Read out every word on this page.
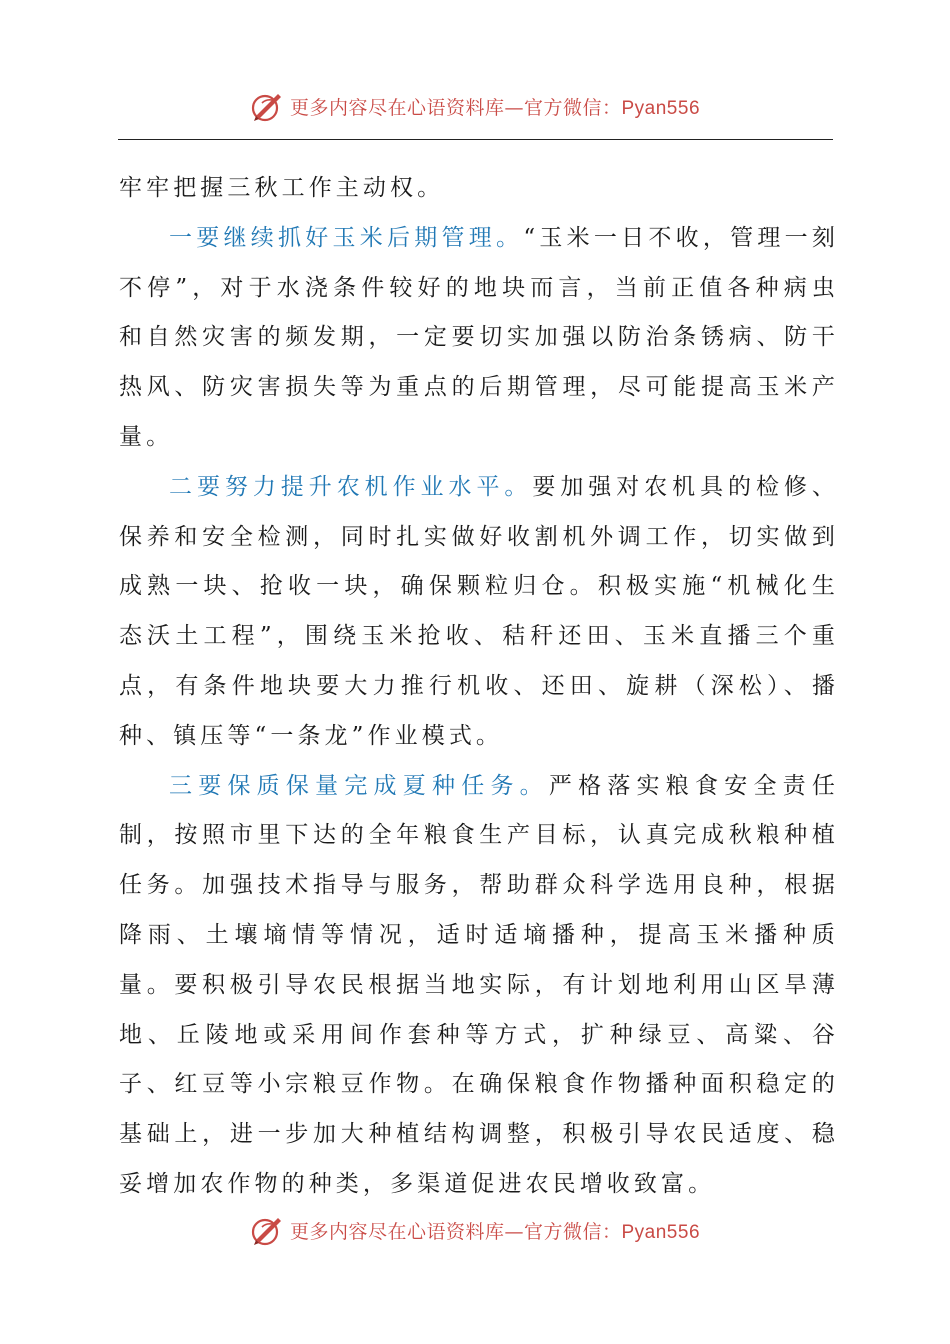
更多内容尽在心语资料库—官方微信：Pyan556

牢牢把握三秋工作主动权。

一要继续抓好玉米后期管理。“玉米一日不收，管理一刻不停”，对于水浇条件较好的地块而言，当前正值各种病虫和自然灾害的频发期，一定要切实加强以防治条锈病、防干热风、防灾害损失等为重点的后期管理，尽可能提高玉米产量。

二要努力提升农机作业水平。要加强对农机具的检修、保养和安全检测，同时扎实做好收割机外调工作，切实做到成熟一块、抢收一块，确保颗粒归仓。积极实施“机械化生态沃土工程”，围绕玉米抢收、秸秆还田、玉米直播三个重点，有条件地块要大力推行机收、还田、旋耕（深松）、播种、镇压等“一条龙”作业模式。

三要保质保量完成夏种任务。严格落实粮食安全责任制，按照市里下达的全年粮食生产目标，认真完成秋粮种植任务。加强技术指导与服务，帮助群众科学选用良种，根据降雨、土壤墒情等情况，适时适墒播种，提高玉米播种质量。要积极引导农民根据当地实际，有计划地利用山区旱薄地、丘陵地或采用间作套种等方式，扩种绿豆、高粱、谷子、红豆等小宗粮豆作物。在确保粮食作物播种面积稳定的基础上，进一步加大种植结构调整，积极引导农民适度、稳妥增加农作物的种类，多渠道促进农民增收致富。

更多内容尽在心语资料库—官方微信：Pyan556
